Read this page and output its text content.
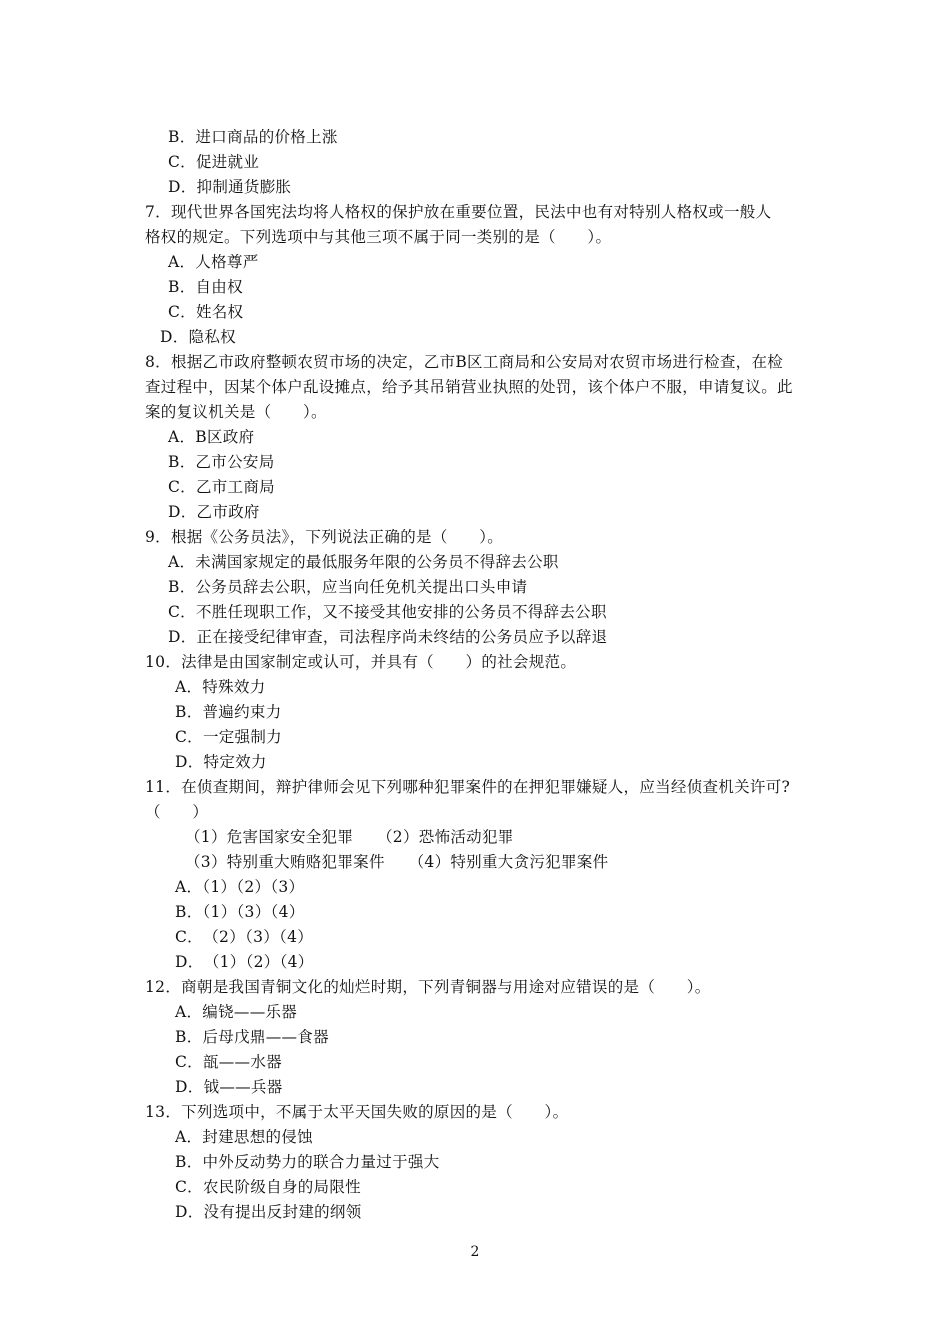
B．进口商品的价格上涨
C．促进就业
D．抑制通货膨胀
7．现代世界各国宪法均将人格权的保护放在重要位置，民法中也有对特别人格权或一般人
格权的规定。下列选项中与其他三项不属于同一类别的是（　　）。
A．人格尊严
B．自由权
C．姓名权
D．隐私权
8．根据乙市政府整顿农贸市场的决定，乙市B区工商局和公安局对农贸市场进行检查，在检
查过程中，因某个体户乱设摊点，给予其吊销营业执照的处罚，该个体户不服，申请复议。此
案的复议机关是（　　）。
A．B区政府
B．乙市公安局
C．乙市工商局
D．乙市政府
9．根据《公务员法》，下列说法正确的是（　　）。
A．未满国家规定的最低服务年限的公务员不得辞去公职
B．公务员辞去公职，应当向任免机关提出口头申请
C．不胜任现职工作，又不接受其他安排的公务员不得辞去公职
D．正在接受纪律审查，司法程序尚未终结的公务员应予以辞退
10．法律是由国家制定或认可，并具有（　　）的社会规范。
A．特殊效力
B．普遍约束力
C．一定强制力
D．特定效力
11．在侦查期间，辩护律师会见下列哪种犯罪案件的在押犯罪嫌疑人，应当经侦查机关许可?
（　　）
（1）危害国家安全犯罪　　（2）恐怖活动犯罪
（3）特别重大贿赂犯罪案件　　（4）特别重大贪污犯罪案件
A．（1）（2）（3）
B．（1）（3）（4）
C．　（2）（3）（4）
D．　（1）（2）（4）
12．商朝是我国青铜文化的灿烂时期，下列青铜器与用途对应错误的是（　　）。
A．编铙——乐器
B．后母戊鼎——食器
C．瓿——水器
D．钺——兵器
13．下列选项中，不属于太平天国失败的原因的是（　　）。
A．封建思想的侵蚀
B．中外反动势力的联合力量过于强大
C．农民阶级自身的局限性
D．没有提出反封建的纲领
2
